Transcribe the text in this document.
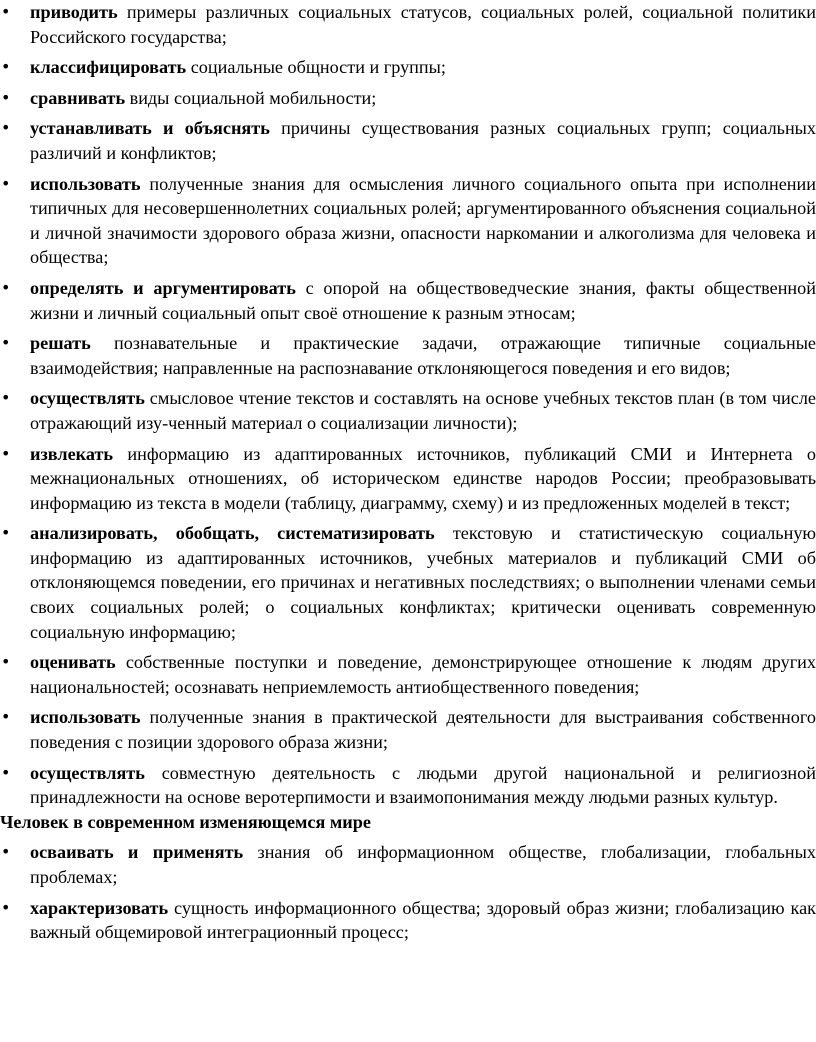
• приводить примеры различных социальных статусов, социальных ролей, социальной политики Российского государства;
• классифицировать социальные общности и группы;
• сравнивать виды социальной мобильности;
• устанавливать и объяснять причины существования разных социальных групп; социальных различий и конфликтов;
• использовать полученные знания для осмысления личного социального опыта при исполнении типичных для несовершеннолетних социальных ролей; аргументированного объяснения социальной и личной значимости здорового образа жизни, опасности наркомании и алкоголизма для человека и общества;
• определять и аргументировать с опорой на обществоведческие знания, факты общественной жизни и личный социальный опыт своё отношение к разным этносам;
• решать познавательные и практические задачи, отражающие типичные социальные взаимодействия; направленные на распознавание отклоняющегося поведения и его видов;
• осуществлять смысловое чтение текстов и составлять на основе учебных текстов план (в том числе отражающий изу-ченный материал о социализации личности);
• извлекать информацию из адаптированных источников, публикаций СМИ и Интернета о межнациональных отношениях, об историческом единстве народов России; преобразовывать информацию из текста в модели (таблицу, диаграмму, схему) и из предложенных моделей в текст;
• анализировать, обобщать, систематизировать текстовую и статистическую социальную информацию из адаптированных источников, учебных материалов и публикаций СМИ об отклоняющемся поведении, его причинах и негативных последствиях; о выполнении членами семьи своих социальных ролей; о социальных конфликтах; критически оценивать современную социальную информацию;
• оценивать собственные поступки и поведение, демонстрирующее отношение к людям других национальностей; осознавать неприемлемость антиобщественного поведения;
• использовать полученные знания в практической деятельности для выстраивания собственного поведения с позиции здорового образа жизни;
• осуществлять совместную деятельность с людьми другой национальной и религиозной принадлежности на основе веротерпимости и взаимопонимания между людьми разных культур.

Человек в современном изменяющемся мире

• осваивать и применять знания об информационном обществе, глобализации, глобальных проблемах;
• характеризовать сущность информационного общества; здоровый образ жизни; глобализацию как важный общемировой интеграционный процесс;
